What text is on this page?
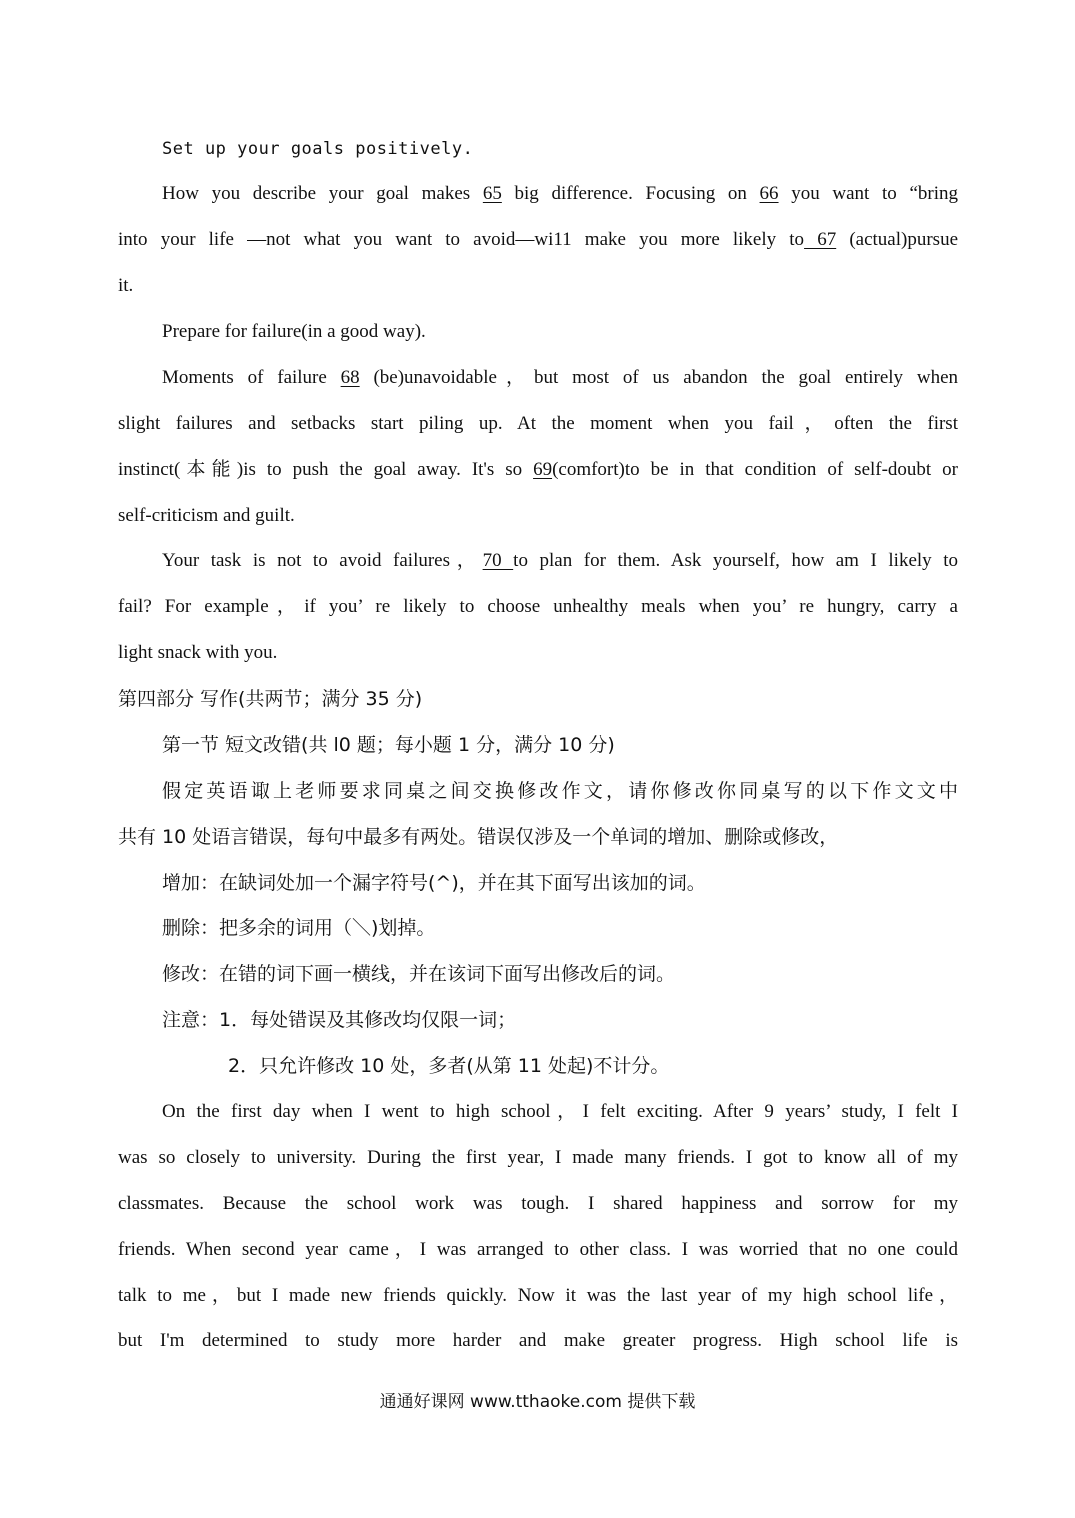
Set up your goals positively.
How you describe your goal makes 65 big difference. Focusing on 66 you want to “bring
into your life —not what you want to avoid—wi11 make you more likely to 67 (actual)pursue
it.
Prepare for failure(in a good way).
Moments of failure 68 (be)unavoidable，but most of us abandon the goal entirely when
slight failures and setbacks start piling up. At the moment when you fail，often the first
instinct(本能)is to push the goal away. It's so 69(comfort)to be in that condition of self-doubt or
self-criticism and guilt.
Your task is not to avoid failures，70 to plan for them. Ask yourself, how am I likely to
fail? For example，if you’ re likely to choose unhealthy meals when you’ re hungry, carry a
light snack with you.
第四部分 写作(共两节；满分 35 分)
第一节 短文改错(共 l0 题；每小题 1 分，满分 10 分)
假定英语诹上老师要求同桌之间交换修改作文，请你修改你同桌写的以下作文文中
共有 10 处语言错误，每句中最多有两处。错误仅涉及一个单词的增加、删除或修改，
增加：在缺词处加一个漏字符号(^)，并在其下面写出该加的词。
删除：把多余的词用（＼)划掉。
修改：在错的词下画一横线，并在该词下面写出修改后的词。
注意：1．每处错误及其修改均仅限一词；
2．只允许修改 10 处，多者(从第 11 处起)不计分。
On the first day when I went to high school，I felt exciting. After 9 years’ study, I felt I
was so closely to university. During the first year, I made many friends. I got to know all of my
classmates. Because the school work was tough. I shared happiness and sorrow for my
friends. When second year came，I was arranged to other class. I was worried that no one could
talk to me，but I made new friends quickly. Now it was the last year of my high school life，
but I'm determined to study more harder and make greater progress. High school life is
通通好课网 www.tthaoke.com 提供下载
